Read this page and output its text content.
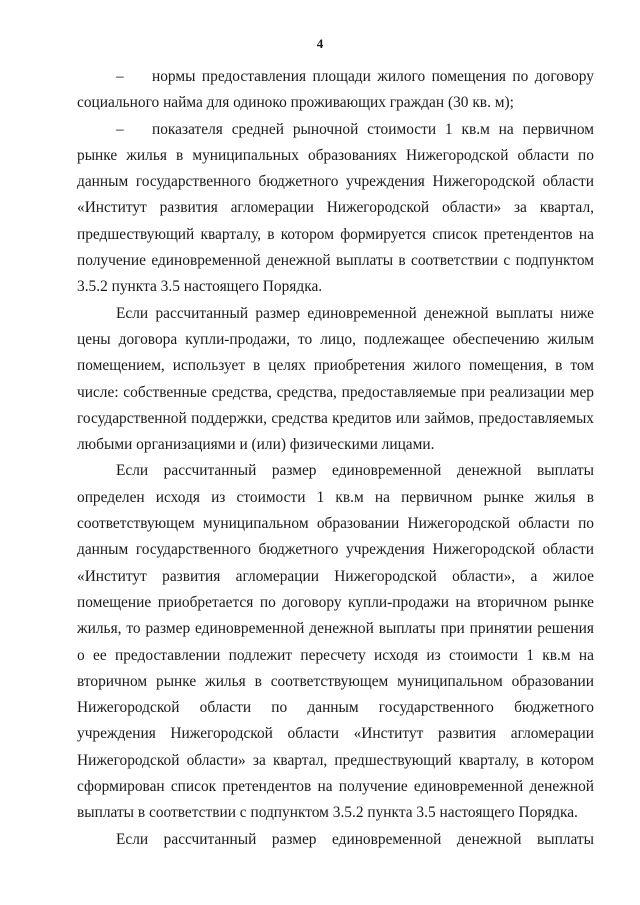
4

– нормы предоставления площади жилого помещения по договору социального найма для одиноко проживающих граждан (30 кв. м);

– показателя средней рыночной стоимости 1 кв.м на первичном рынке жилья в муниципальных образованиях Нижегородской области по данным государственного бюджетного учреждения Нижегородской области «Институт развития агломерации Нижегородской области» за квартал, предшествующий кварталу, в котором формируется список претендентов на получение единовременной денежной выплаты в соответствии с подпунктом 3.5.2 пункта 3.5 настоящего Порядка.

Если рассчитанный размер единовременной денежной выплаты ниже цены договора купли-продажи, то лицо, подлежащее обеспечению жилым помещением, использует в целях приобретения жилого помещения, в том числе: собственные средства, средства, предоставляемые при реализации мер государственной поддержки, средства кредитов или займов, предоставляемых любыми организациями и (или) физическими лицами.

Если рассчитанный размер единовременной денежной выплаты определен исходя из стоимости 1 кв.м на первичном рынке жилья в соответствующем муниципальном образовании Нижегородской области по данным государственного бюджетного учреждения Нижегородской области «Институт развития агломерации Нижегородской области», а жилое помещение приобретается по договору купли-продажи на вторичном рынке жилья, то размер единовременной денежной выплаты при принятии решения о ее предоставлении подлежит пересчету исходя из стоимости 1 кв.м на вторичном рынке жилья в соответствующем муниципальном образовании Нижегородской области по данным государственного бюджетного учреждения Нижегородской области «Институт развития агломерации Нижегородской области» за квартал, предшествующий кварталу, в котором сформирован список претендентов на получение единовременной денежной выплаты в соответствии с подпунктом 3.5.2 пункта 3.5 настоящего Порядка.

Если рассчитанный размер единовременной денежной выплаты
